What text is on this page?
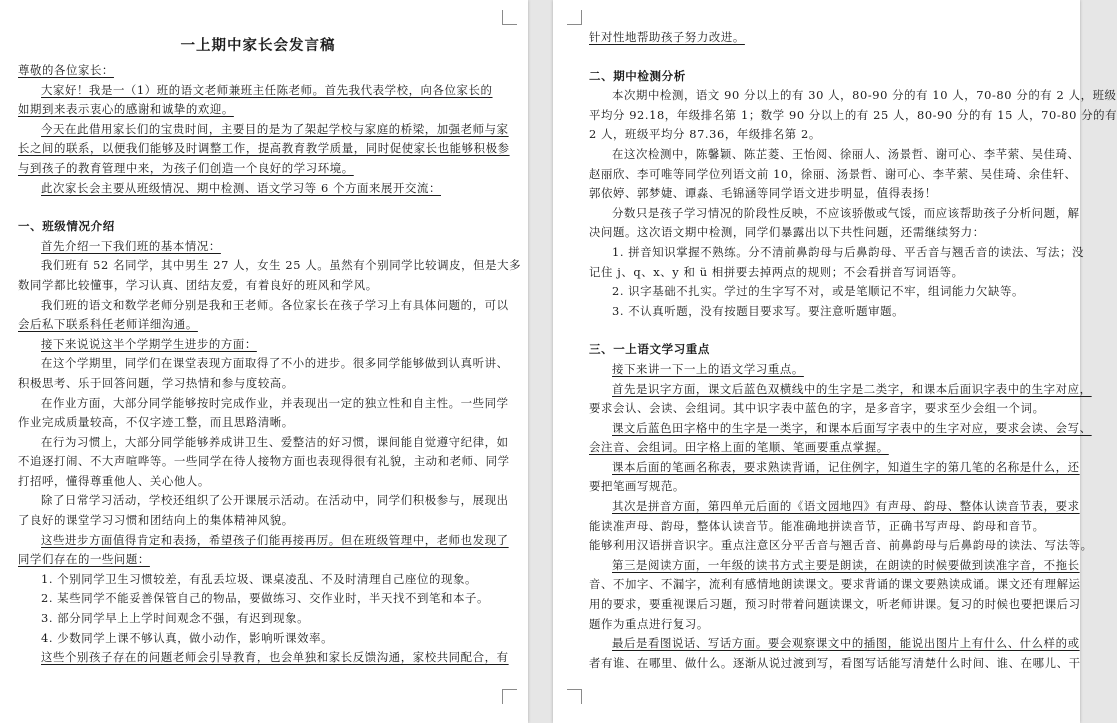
一上期中家长会发言稿
尊敬的各位家长：
大家好！我是一（1）班的语文老师兼班主任陈老师。首先我代表学校，向各位家长的
如期到来表示衷心的感谢和诚挚的欢迎。
今天在此借用家长们的宝贵时间，主要目的是为了架起学校与家庭的桥梁，加强老师与家
长之间的联系，以便我们能够及时调整工作，提高教育教学质量，同时促使家长也能够积极参
与到孩子的教育管理中来，为孩子们创造一个良好的学习环境。
此次家长会主要从班级情况、期中检测、语文学习等 6 个方面来展开交流：
一、班级情况介绍
首先介绍一下我们班的基本情况：
我们班有 52 名同学，其中男生 27 人，女生 25 人。虽然有个别同学比较调皮，但是大多
数同学都比较懂事，学习认真、团结友爱，有着良好的班风和学风。
我们班的语文和数学老师分别是我和王老师。各位家长在孩子学习上有具体问题的，可以
会后私下联系科任老师详细沟通。
接下来说说这半个学期学生进步的方面：
在这个学期里，同学们在课堂表现方面取得了不小的进步。很多同学能够做到认真听讲、
积极思考、乐于回答问题，学习热情和参与度较高。
在作业方面，大部分同学能够按时完成作业，并表现出一定的独立性和自主性。一些同学
作业完成质量较高，不仅字迹工整，而且思路清晰。
在行为习惯上，大部分同学能够养成讲卫生、爱整洁的好习惯，课间能自觉遵守纪律，如
不追逐打闹、不大声喧哗等。一些同学在待人接物方面也表现得很有礼貌，主动和老师、同学
打招呼，懂得尊重他人、关心他人。
除了日常学习活动，学校还组织了公开课展示活动。在活动中，同学们积极参与，展现出
了良好的课堂学习习惯和团结向上的集体精神风貌。
这些进步方面值得肯定和表扬，希望孩子们能再接再厉。但在班级管理中，老师也发现了
同学们存在的一些问题：
1. 个别同学卫生习惯较差，有乱丢垃圾、课桌凌乱、不及时清理自己座位的现象。
2. 某些同学不能妥善保管自己的物品，要做练习、交作业时，半天找不到笔和本子。
3. 部分同学早上上学时间观念不强，有迟到现象。
4. 少数同学上课不够认真，做小动作，影响听课效率。
这些个别孩子存在的问题老师会引导教育，也会单独和家长反馈沟通，家校共同配合，有
针对性地帮助孩子努力改进。
二、期中检测分析
本次期中检测，语文 90 分以上的有 30 人，80-90 分的有 10 人，70-80 分的有 2 人，班级
平均分 92.18，年级排名第 1；数学 90 分以上的有 25 人，80-90 分的有 15 人，70-80 分的有
2 人，班级平均分 87.36，年级排名第 2。
在这次检测中，陈馨颖、陈芷菱、王怡阅、徐丽人、汤景哲、谢可心、李芊萦、吴佳琦、
赵丽欣、李可唯等同学位列语文前 10，徐丽、汤景哲、谢可心、李芊萦、吴佳琦、余佳轩、
郭依婷、郭梦婕、谭淼、毛锦涵等同学语文进步明显，值得表扬！
分数只是孩子学习情况的阶段性反映，不应该骄傲或气馁，而应该帮助孩子分析问题，解
决问题。这次语文期中检测，同学们暴露出以下共性问题，还需继续努力：
1. 拼音知识掌握不熟练。分不清前鼻韵母与后鼻韵母、平舌音与翘舌音的读法、写法；没
记住 j、q、x、y 和 ü 相拼要去掉两点的规则；不会看拼音写词语等。
2. 识字基础不扎实。学过的生字写不对，或是笔顺记不牢，组词能力欠缺等。
3. 不认真听题，没有按题目要求写。要注意听题审题。
三、一上语文学习重点
接下来讲一下一上的语文学习重点。
首先是识字方面，课文后蓝色双横线中的生字是二类字，和课本后面识字表中的生字对应，
要求会认、会读、会组词。其中识字表中蓝色的字，是多音字，要求至少会组一个词。
课文后蓝色田字格中的生字是一类字，和课本后面写字表中的生字对应，要求会读、会写、
会注音、会组词。田字格上面的笔顺、笔画要重点掌握。
课本后面的笔画名称表，要求熟读背诵，记住例字，知道生字的第几笔的名称是什么，还
要把笔画写规范。
其次是拼音方面，第四单元后面的《语文园地四》有声母、韵母、整体认读音节表，要求
能读准声母、韵母，整体认读音节。能准确地拼读音节，正确书写声母、韵母和音节。
能够利用汉语拼音识字。重点注意区分平舌音与翘舌音、前鼻韵母与后鼻韵母的读法、写法等。
第三是阅读方面，一年级的读书方式主要是朗读，在朗读的时候要做到读准字音，不拖长
音、不加字、不漏字，流利有感情地朗读课文。要求背诵的课文要熟读成诵。课文还有理解运
用的要求，要重视课后习题，预习时带着问题读课文，听老师讲课。复习的时候也要把课后习
题作为重点进行复习。
最后是看图说话、写话方面。要会观察课文中的插图，能说出图片上有什么、什么样的或
者有谁、在哪里、做什么。逐渐从说过渡到写，看图写话能写清楚什么时间、谁、在哪儿、干
